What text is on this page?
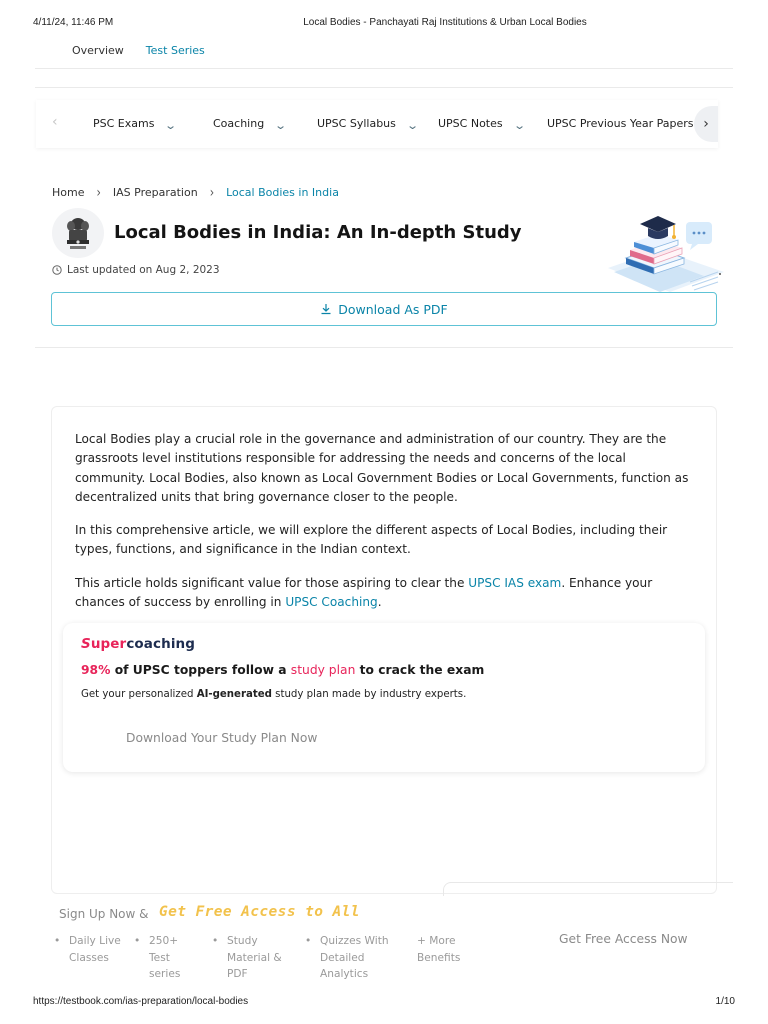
4/11/24, 11:46 PM	Local Bodies - Panchayati Raj Institutions & Urban Local Bodies
Overview Test Series
‹	PSC Exams ⌄	Coaching ⌄	UPSC Syllabus ⌄ UPSC Notes ⌄ UPSC Previous Year Papers ›
Home › IAS Preparation › Local Bodies in India
Local Bodies in India: An In-depth Study
Last updated on Aug 2, 2023
Download As PDF

Local Bodies play a crucial role in the governance and administration of our country. They are the grassroots level institutions responsible for addressing the needs and concerns of the local community. Local Bodies, also known as Local Government Bodies or Local Governments, function as decentralized units that bring governance closer to the people.

In this comprehensive article, we will explore the different aspects of Local Bodies, including their types, functions, and significance in the Indian context.

This article holds significant value for those aspiring to clear the UPSC IAS exam. Enhance your chances of success by enrolling in UPSC Coaching.

Supercoaching
98% of UPSC toppers follow a study plan to crack the exam
Get your personalized AI-generated study plan made by industry experts.
Download Your Study Plan Now
Sign Up Now & Get Free Access to All
• Daily Live
Classes
• 250+
Test
series
• Study
Material &
PDF
• Quizzes With
Detailed
Analytics
+ More
Benefits
Get Free Access Now
https://testbook.com/ias-preparation/local-bodies	1/10
